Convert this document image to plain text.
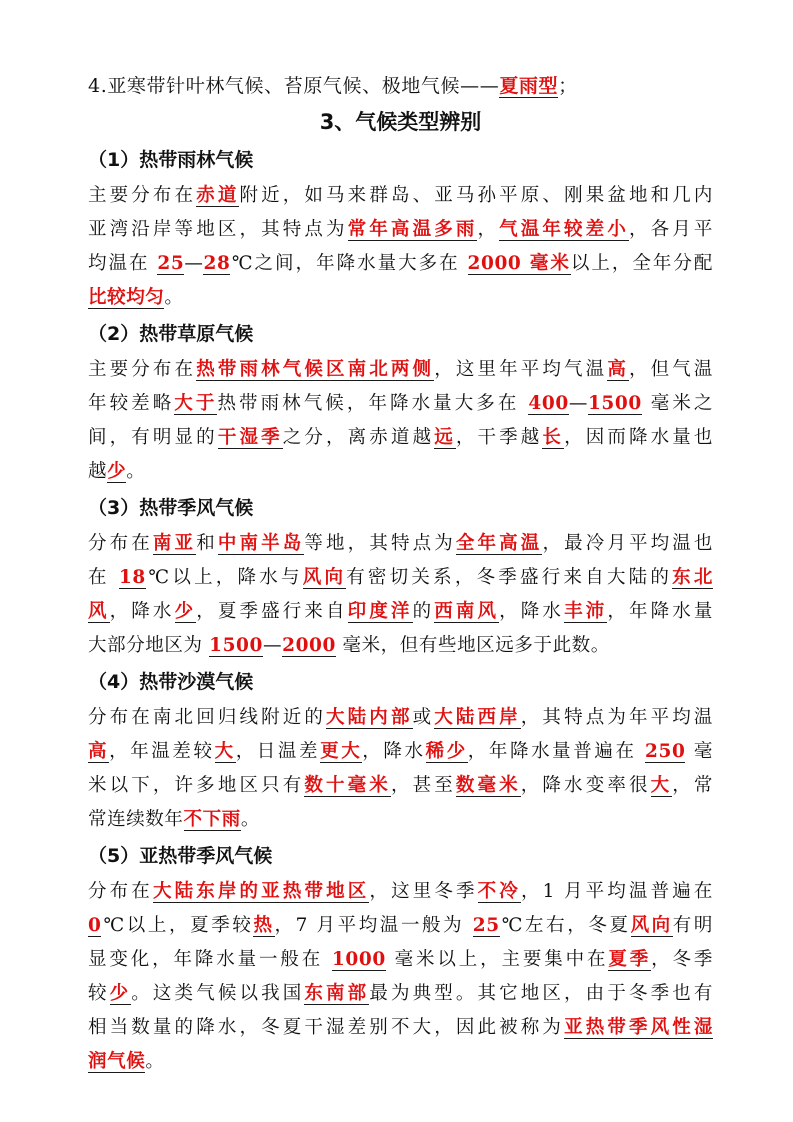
4.亚寒带针叶林气候、苔原气候、极地气候——夏雨型；
3、气候类型辨别
（1）热带雨林气候
主要分布在赤道附近，如马来群岛、亚马孙平原、刚果盆地和几内
亚湾沿岸等地区，其特点为常年高温多雨，气温年较差小，各月平
均温在 25—28℃之间，年降水量大多在 2000 毫米以上，全年分配
比较均匀。
（2）热带草原气候
主要分布在热带雨林气候区南北两侧，这里年平均气温高，但气温
年较差略大于热带雨林气候，年降水量大多在 400—1500 毫米之
间，有明显的干湿季之分，离赤道越远，干季越长，因而降水量也
越少。
（3）热带季风气候
分布在南亚和中南半岛等地，其特点为全年高温，最冷月平均温也
在 18℃以上，降水与风向有密切关系，冬季盛行来自大陆的东北
风，降水少，夏季盛行来自印度洋的西南风，降水丰沛，年降水量
大部分地区为 1500—2000 毫米，但有些地区远多于此数。
（4）热带沙漠气候
分布在南北回归线附近的大陆内部或大陆西岸，其特点为年平均温
高，年温差较大，日温差更大，降水稀少，年降水量普遍在 250 毫
米以下，许多地区只有数十毫米，甚至数毫米，降水变率很大，常
常连续数年不下雨。
（5）亚热带季风气候
分布在大陆东岸的亚热带地区，这里冬季不冷，1 月平均温普遍在
0℃以上，夏季较热，7 月平均温一般为 25℃左右，冬夏风向有明
显变化，年降水量一般在 1000 毫米以上，主要集中在夏季，冬季
较少。这类气候以我国东南部最为典型。其它地区，由于冬季也有
相当数量的降水，冬夏干湿差别不大，因此被称为亚热带季风性湿
润气候。
